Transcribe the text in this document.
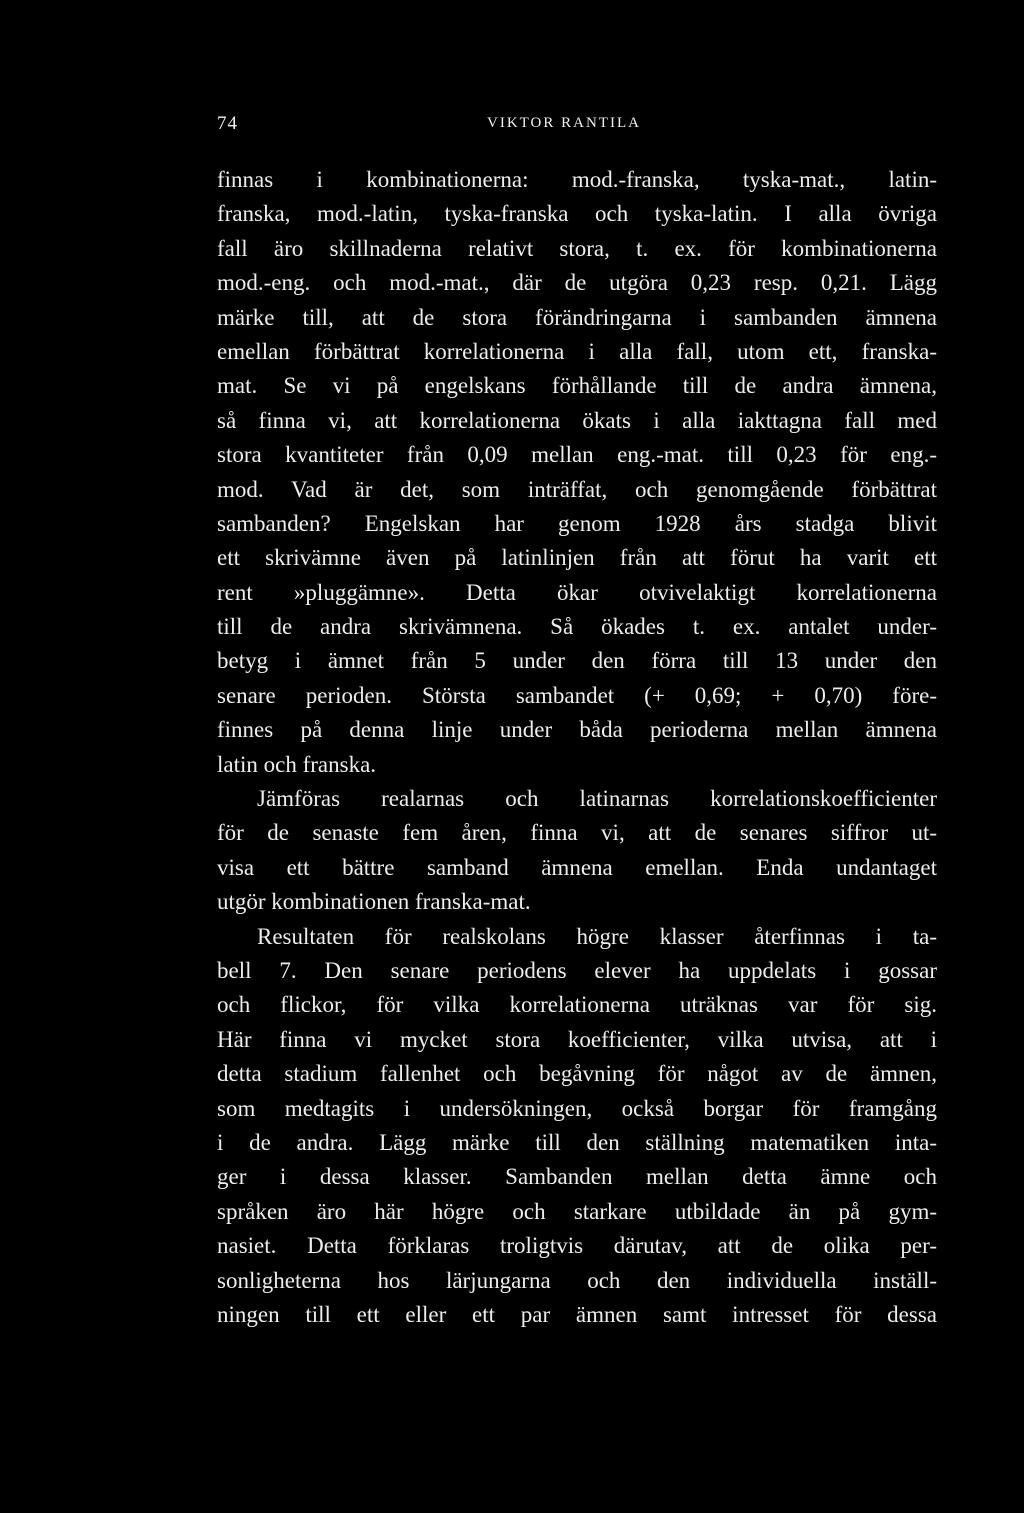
74	VIKTOR RANTILA
finnas i kombinationerna: mod.-franska, tyska-mat., latin-
franska, mod.-latin, tyska-franska och tyska-latin. I alla övriga
fall äro skillnaderna relativt stora, t. ex. för kombinationerna
mod.-eng. och mod.-mat., där de utgöra 0,23 resp. 0,21. Lägg
märke till, att de stora förändringarna i sambanden ämnena
emellan förbättrat korrelationerna i alla fall, utom ett, franska-
mat. Se vi på engelskans förhållande till de andra ämnena,
så finna vi, att korrelationerna ökats i alla iakttagna fall med
stora kvantiteter från 0,09 mellan eng.-mat. till 0,23 för eng.-
mod. Vad är det, som inträffat, och genomgående förbättrat
sambanden? Engelskan har genom 1928 års stadga blivit
ett skrivämne även på latinlinjen från att förut ha varit ett
rent »pluggämne». Detta ökar otvivelaktigt korrelationerna
till de andra skrivämnena. Så ökades t. ex. antalet under-
betyg i ämnet från 5 under den förra till 13 under den
senare perioden. Största sambandet (+ 0,69; + 0,70) före-
finnes på denna linje under båda perioderna mellan ämnena
latin och franska.
Jämföras realarnas och latinarnas korrelationskoefficienter
för de senaste fem åren, finna vi, att de senares siffror ut-
visa ett bättre samband ämnena emellan. Enda undantaget
utgör kombinationen franska-mat.
Resultaten för realskolans högre klasser återfinnas i ta-
bell 7. Den senare periodens elever ha uppdelats i gossar
och flickor, för vilka korrelationerna uträknas var för sig.
Här finna vi mycket stora koefficienter, vilka utvisa, att i
detta stadium fallenhet och begåvning för något av de ämnen,
som medtagits i undersökningen, också borgar för framgång
i de andra. Lägg märke till den ställning matematiken inta-
ger i dessa klasser. Sambanden mellan detta ämne och
språken äro här högre och starkare utbildade än på gym-
nasiet. Detta förklaras troligtvis därutav, att de olika per-
sonligheterna hos lärjungarna och den individuella inställ-
ningen till ett eller ett par ämnen samt intresset för dessa
